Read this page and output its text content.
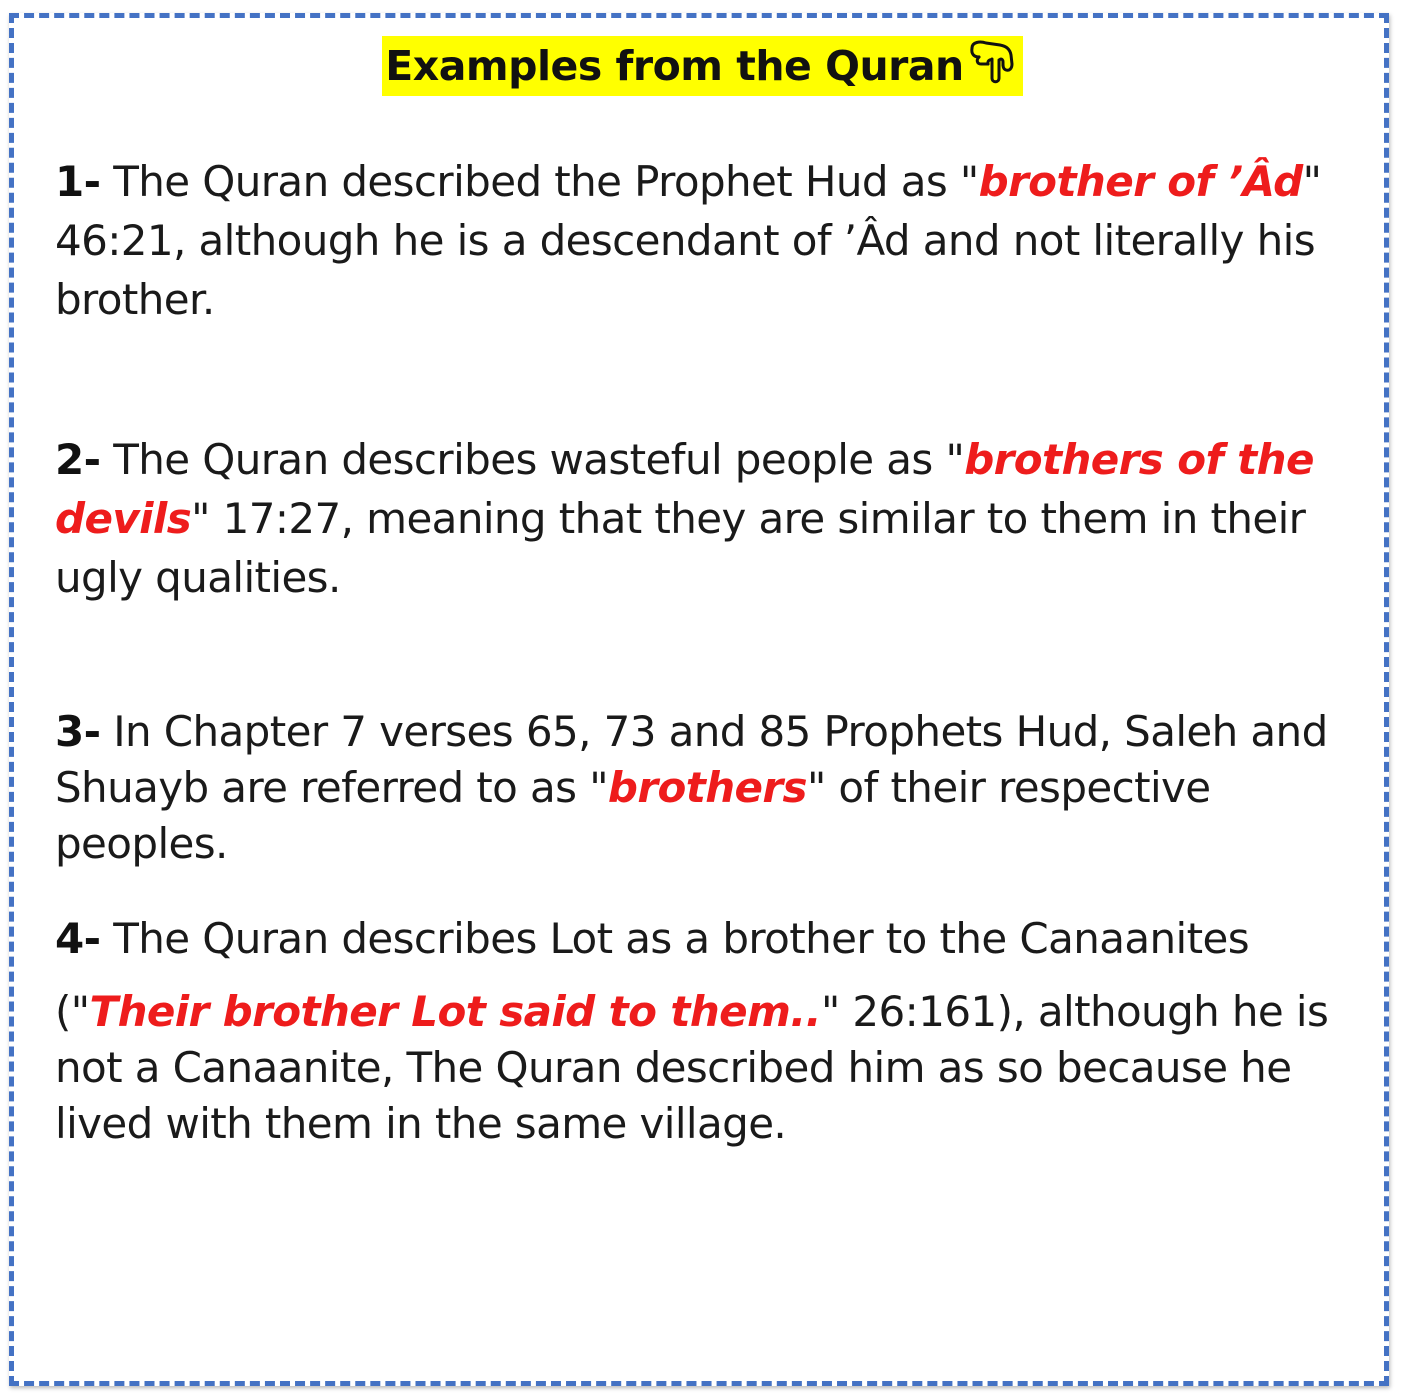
Examples from the Quran
1- The Quran described the Prophet Hud as "brother of ’Âd" 46:21, although he is a descendant of ’Âd and not literally his brother.
2- The Quran describes wasteful people as "brothers of the devils" 17:27, meaning that they are similar to them in their ugly qualities.
3- In Chapter 7 verses 65, 73 and 85 Prophets Hud, Saleh and Shuayb are referred to as "brothers" of their respective peoples.
4- The Quran describes Lot as a brother to the Canaanites
("Their brother Lot said to them.." 26:161), although he is not a Canaanite, The Quran described him as so because he lived with them in the same village.
